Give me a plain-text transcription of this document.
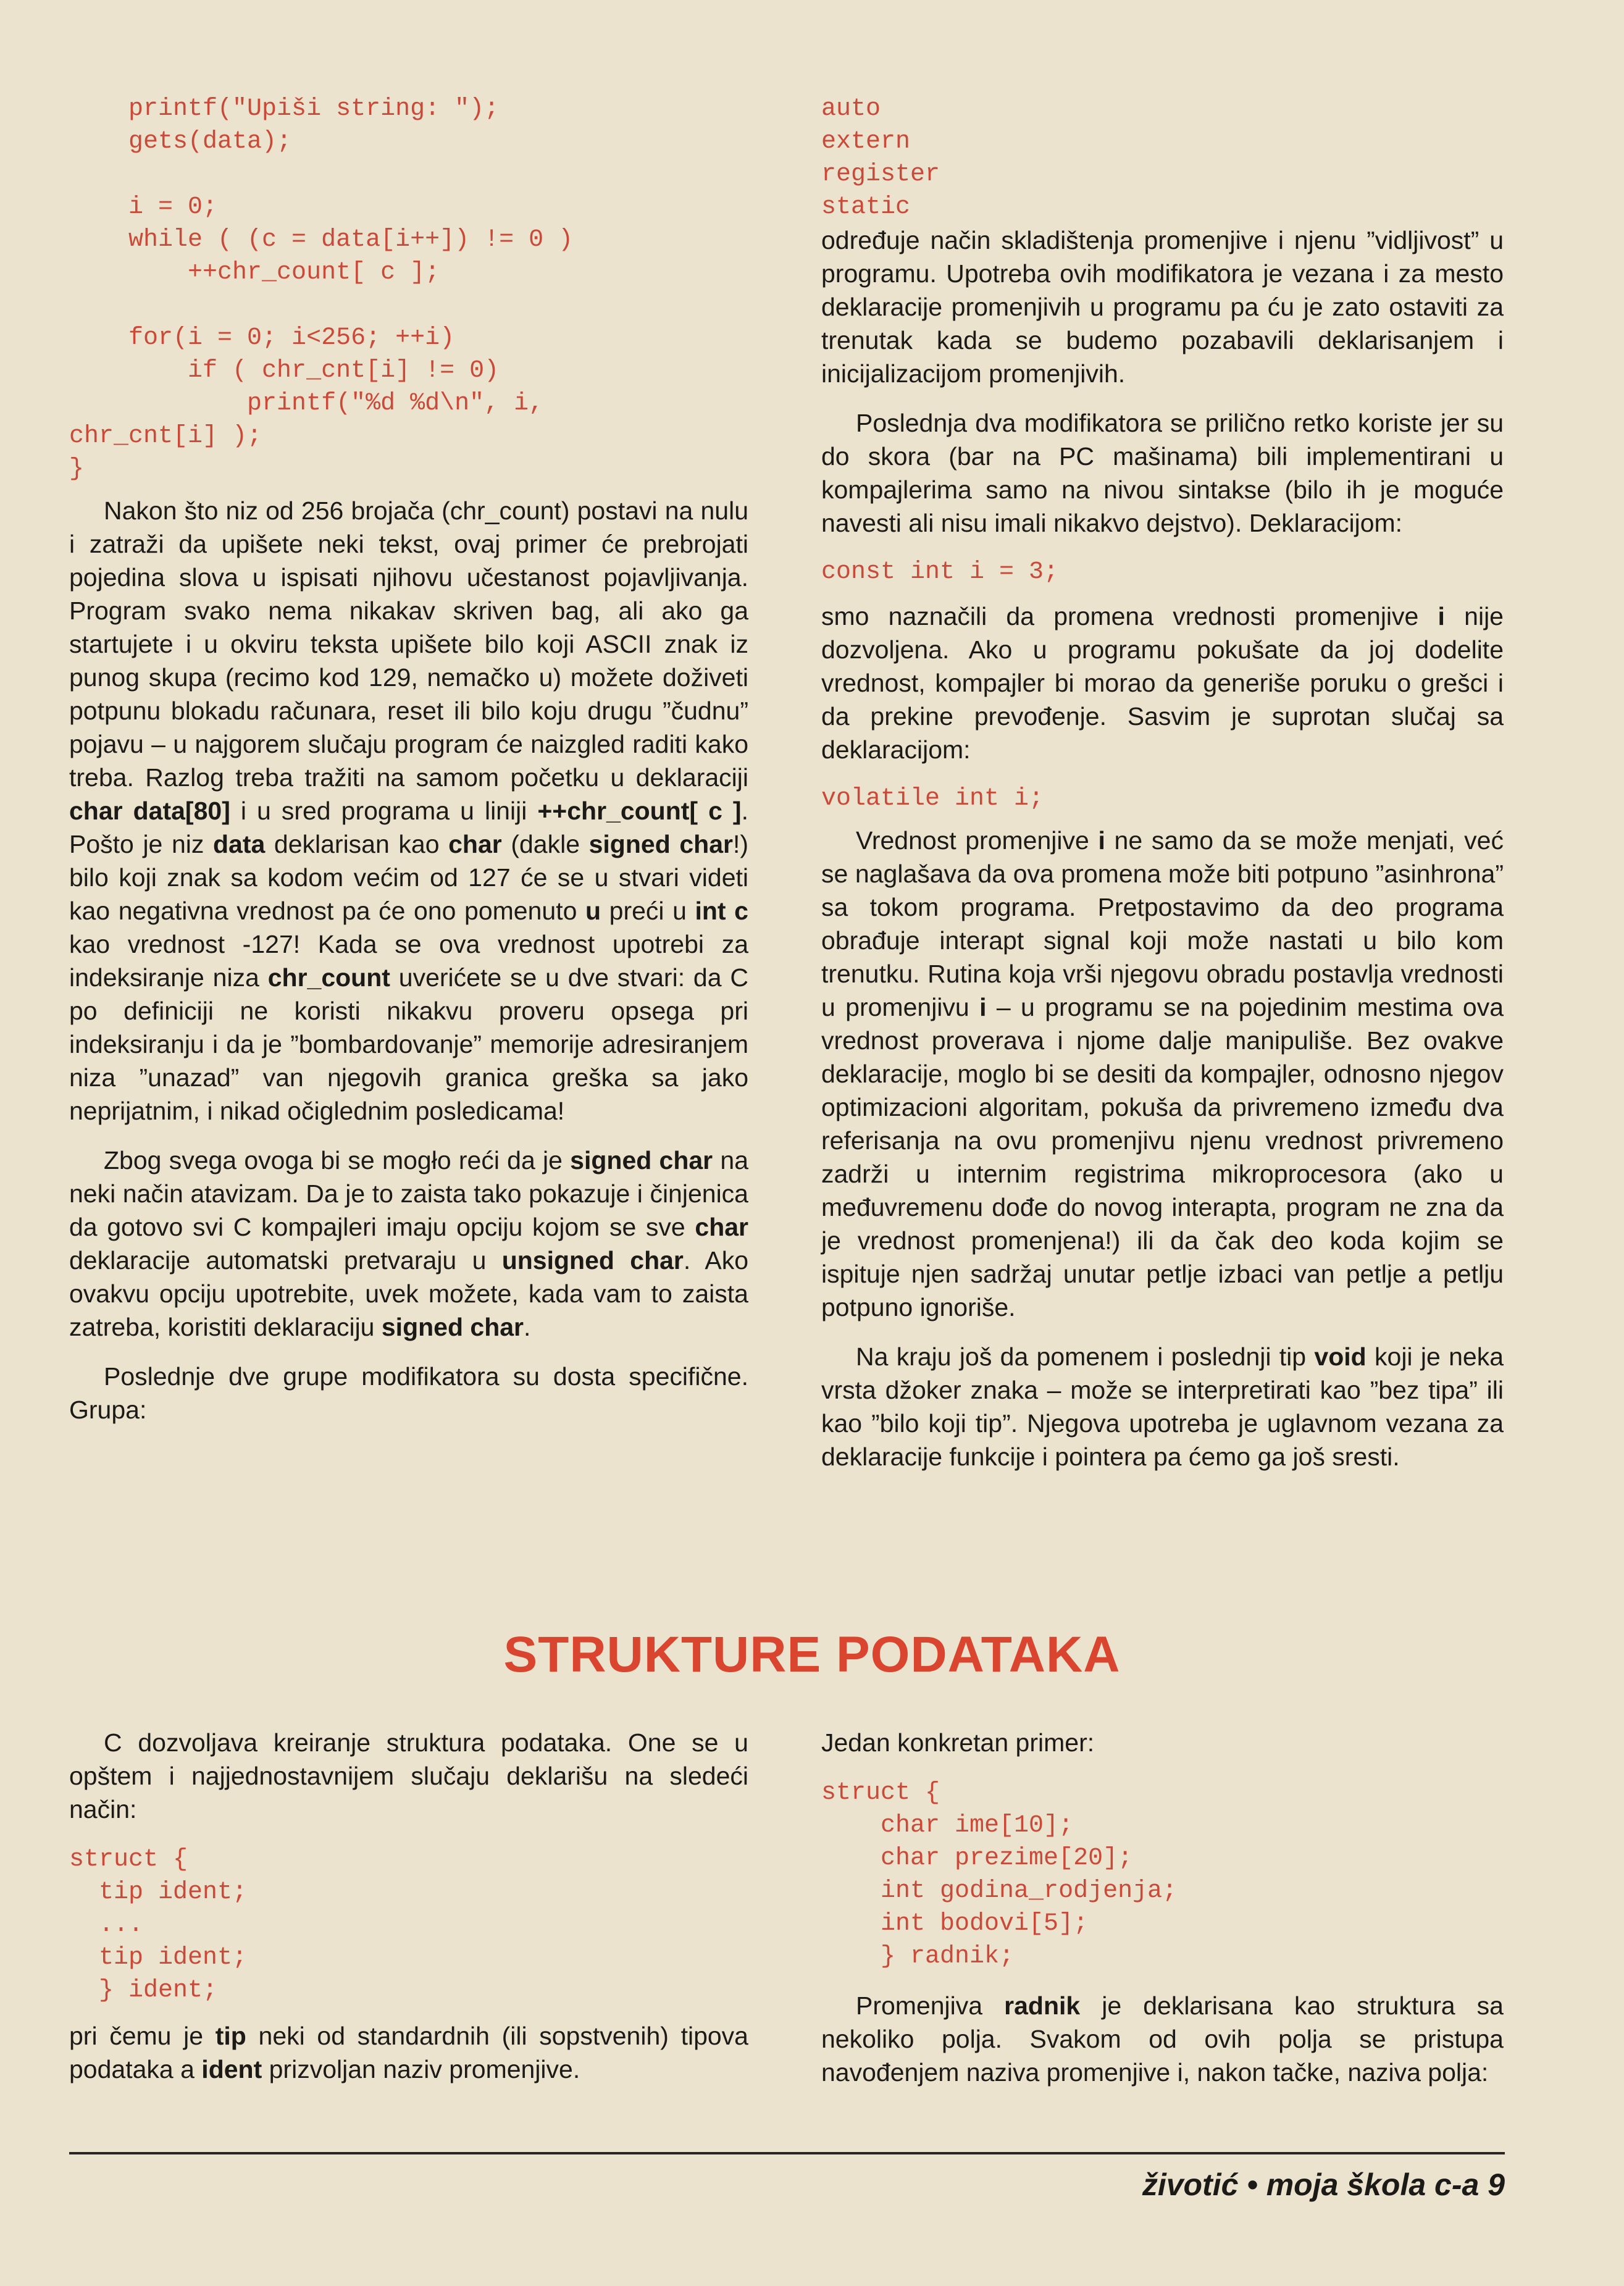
printf("Upiši string: ");
gets(data);

i = 0;
while ( (c = data[i++]) != 0 )
++chr_count[ c ];

for(i = 0; i<256; ++i)
if ( chr_cnt[i] != 0)
printf("%d %d\n", i,
chr_cnt[i] );
}

Nakon što niz od 256 brojača (chr_count) postavi na nulu i zatraži da upišete neki tekst, ovaj primer će prebrojati pojedina slova u ispisati njihovu učestanost pojavljivanja. Program svako nema nikakav skriven bag, ali ako ga startujete i u okviru teksta upišete bilo koji ASCII znak iz punog skupa (recimo kod 129, nemačko u) možete doživeti potpunu blokadu računara, reset ili bilo koju drugu ”čudnu” pojavu – u najgorem slučaju program će naizgled raditi kako treba. Razlog treba tražiti na samom početku u deklaraciji char data[80] i u sred programa u liniji ++chr_count[ c ]. Pošto je niz data deklarisan kao char (dakle signed char!) bilo koji znak sa kodom većim od 127 će se u stvari videti kao negativna vrednost pa će ono pomenuto u preći u int c kao vrednost -127! Kada se ova vrednost upotrebi za indeksiranje niza chr_count uverićete se u dve stvari: da C po definiciji ne koristi nikakvu proveru opsega pri indeksiranju i da je ”bombardovanje” memorije adresiranjem niza ”unazad” van njegovih granica greška sa jako neprijatnim, i nikad očiglednim posledicama!

Zbog svega ovoga bi se mogło reći da je signed char na neki način atavizam. Da je to zaista tako pokazuje i činjenica da gotovo svi C kompajleri imaju opciju kojom se sve char deklaracije automatski pretvaraju u unsigned char. Ako ovakvu opciju upotrebite, uvek možete, kada vam to zaista zatreba, koristiti deklaraciju signed char.

Poslednje dve grupe modifikatora su dosta specifične. Grupa:

auto
extern
register
static

određuje način skladištenja promenjive i njenu ”vidljivost” u programu. Upotreba ovih modifikatora je vezana i za mesto deklaracije promenjivih u programu pa ću je zato ostaviti za trenutak kada se budemo pozabavili deklarisanjem i inicijalizacijom promenjivih.

Poslednja dva modifikatora se prilično retko koriste jer su do skora (bar na PC mašinama) bili implementirani u kompajlerima samo na nivou sintakse (bilo ih je moguće navesti ali nisu imali nikakvo dejstvo). Deklaracijom:

const int i = 3;

smo naznačili da promena vrednosti promenjive i nije dozvoljena. Ako u programu pokušate da joj dodelite vrednost, kompajler bi morao da generiše poruku o grešci i da prekine prevođenje. Sasvim je suprotan slučaj sa deklaracijom:

volatile int i;

Vrednost promenjive i ne samo da se može menjati, već se naglašava da ova promena može biti potpuno ”asinhrona” sa tokom programa. Pretpostavimo da deo programa obrađuje interapt signal koji može nastati u bilo kom trenutku. Rutina koja vrši njegovu obradu postavlja vrednosti u promenjivu i – u programu se na pojedinim mestima ova vrednost proverava i njome dalje manipuliše. Bez ovakve deklaracije, moglo bi se desiti da kompajler, odnosno njegov optimizacioni algoritam, pokuša da privremeno između dva referisanja na ovu promenjivu njenu vrednost privremeno zadrži u internim registrima mikroprocesora (ako u međuvremenu dođe do novog interapta, program ne zna da je vrednost promenjena!) ili da čak deo koda kojim se ispituje njen sadržaj unutar petlje izbaci van petlje a petlju potpuno ignoriše.

Na kraju još da pomenem i poslednji tip void koji je neka vrsta džoker znaka – može se interpretirati kao ”bez tipa” ili kao ”bilo koji tip”. Njegova upotreba je uglavnom vezana za deklaracije funkcije i pointera pa ćemo ga još sresti.

STRUKTURE PODATAKA

C dozvoljava kreiranje struktura podataka. One se u opštem i najjednostavnijem slučaju deklarišu na sledeći način:

struct {
tip ident;
...
tip ident;
} ident;

pri čemu je tip neki od standardnih (ili sopstvenih) tipova podataka a ident prizvoljan naziv promenjive.

Jedan konkretan primer:

struct {
char ime[10];
char prezime[20];
int godina_rodjenja;
int bodovi[5];
} radnik;

Promenjiva radnik je deklarisana kao struktura sa nekoliko polja. Svakom od ovih polja se pristupa navođenjem naziva promenjive i, nakon tačke, naziva polja:

životić • moja škola c-a 9
